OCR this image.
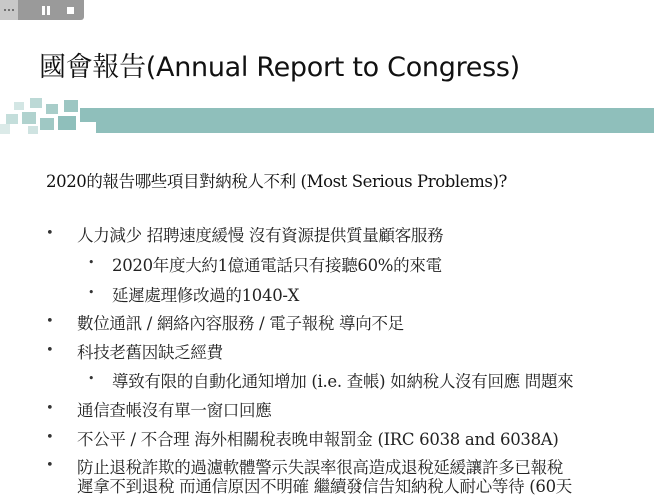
國會報告(Annual Report to Congress)
2020的報告哪些項目對納稅人不利 (Most Serious Problems)?
• 人力減少 招聘速度緩慢 沒有資源提供質量顧客服務
• 2020年度大約1億通電話只有接聽60%的來電
• 延遲處理修改過的1040-X
• 數位通訊 / 網絡內容服務 / 電子報稅 導向不足
• 科技老舊因缺乏經費
• 導致有限的自動化通知增加 (i.e. 查帳) 如納稅人沒有回應 問題來
• 通信查帳沒有單一窗口回應
• 不公平 / 不合理 海外相關稅表晚申報罰金 (IRC 6038 and 6038A)
• 防止退稅詐欺的過濾軟體警示失誤率很高造成退稅延緩讓許多已報稅
遲拿不到退稅 而通信原因不明確 繼續發信告知納稅人耐心等待 (60天
